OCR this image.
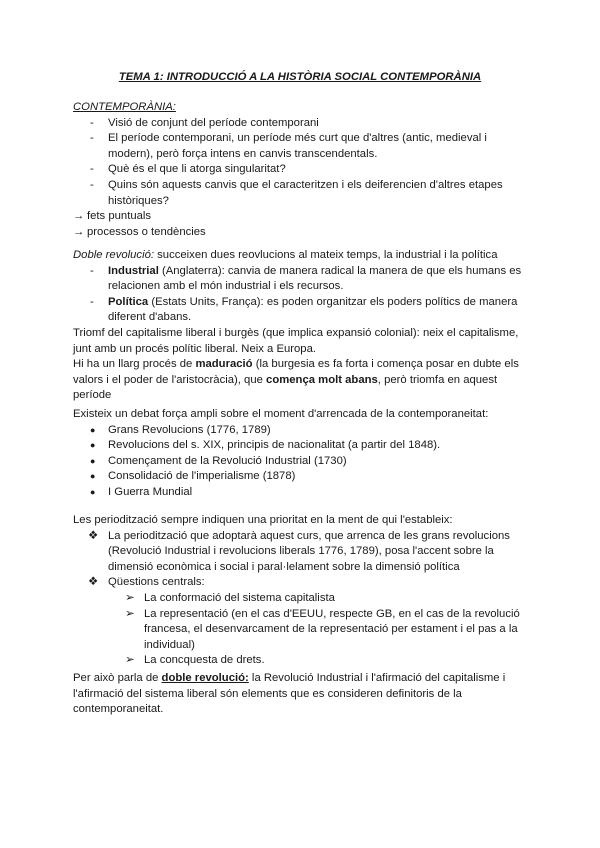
TEMA 1: INTRODUCCIÓ A LA HISTÒRIA SOCIAL CONTEMPORÀNIA

CONTEMPORÀNIA:

- Visió de conjunt del període contemporani
- El període contemporani, un període més curt que d'altres (antic, medieval i modern), però força intens en canvis transcendentals.
- Què és el que li atorga singularitat?
- Quins són aquests canvis que el caracteritzen i els deiferencien d'altres etapes històriques?

→ fets puntuals

→ processos o tendències

Doble revolució: succeixen dues reovlucions al mateix temps, la industrial i la política

- Industrial (Anglaterra): canvia de manera radical la manera de que els humans es relacionen amb el món industrial i els recursos.
- Política (Estats Units, França): es poden organitzar els poders polítics de manera diferent d'abans.

Triomf del capitalisme liberal i burgès (que implica expansió colonial): neix el capitalisme, junt amb un procés polític liberal. Neix a Europa.

Hi ha un llarg procés de maduració (la burgesia es fa forta i comença posar en dubte els valors i el poder de l'aristocràcia), que comença molt abans, però triomfa en aquest període

Existeix un debat força ampli sobre el moment d'arrencada de la contemporaneitat:

● Grans Revolucions (1776, 1789)
● Revolucions del s. XIX, principis de nacionalitat (a partir del 1848).
● Començament de la Revolució Industrial (1730)
● Consolidació de l'imperialisme (1878)
● I Guerra Mundial

Les periodització sempre indiquen una prioritat en la ment de qui l'estableix:

❖ La periodització que adoptarà aquest curs, que arrenca de les grans revolucions (Revolució Industrial i revolucions liberals 1776, 1789), posa l'accent sobre la dimensió econòmica i social i paral·lelament sobre la dimensió política
❖ Qüestions centrals:
➢ La conformació del sistema capitalista
➢ La representació (en el cas d'EEUU, respecte GB, en el cas de la revolució francesa, el desenvarcament de la representació per estament i el pas a la individual)
➢ La concquesta de drets.

Per això parla de doble revolució: la Revolució Industrial i l'afirmació del capitalisme i l'afirmació del sistema liberal són elements que es consideren definitoris de la contemporaneitat.
